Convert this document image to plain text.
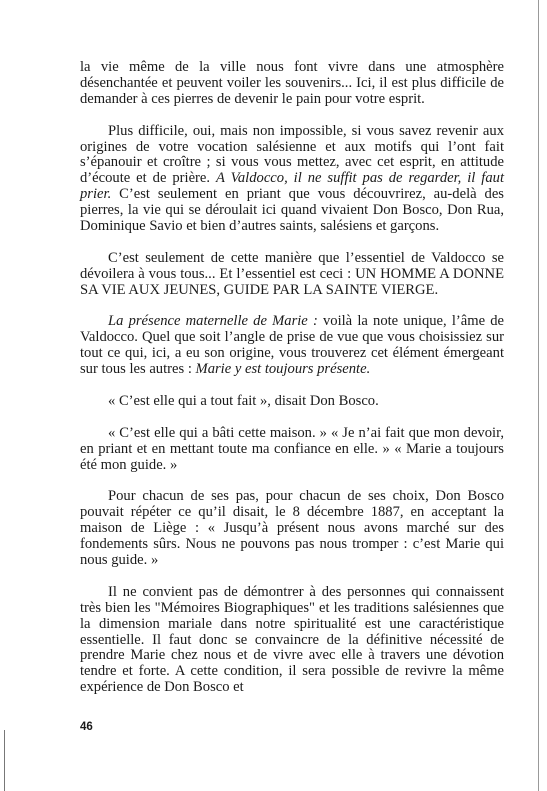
la vie même de la ville nous font vivre dans une atmosphère désenchantée et peuvent voiler les souvenirs... Ici, il est plus difficile de demander à ces pierres de devenir le pain pour votre esprit.

Plus difficile, oui, mais non impossible, si vous savez revenir aux origines de votre vocation salésienne et aux motifs qui l’ont fait s’épanouir et croître ; si vous vous mettez, avec cet esprit, en attitude d’écoute et de prière. A Valdocco, il ne suffit pas de regarder, il faut prier. C’est seulement en priant que vous découvrirez, au-delà des pierres, la vie qui se déroulait ici quand vivaient Don Bosco, Don Rua, Dominique Savio et bien d’autres saints, salésiens et garçons.

C’est seulement de cette manière que l’essentiel de Valdocco se dévoilera à vous tous... Et l’essentiel est ceci : UN HOMME A DONNE SA VIE AUX JEUNES, GUIDE PAR LA SAINTE VIERGE.

La présence maternelle de Marie : voilà la note unique, l’âme de Valdocco. Quel que soit l’angle de prise de vue que vous choisissiez sur tout ce qui, ici, a eu son origine, vous trouverez cet élément émergeant sur tous les autres : Marie y est toujours présente.

« C’est elle qui a tout fait », disait Don Bosco.

« C’est elle qui a bâti cette maison. » « Je n’ai fait que mon devoir, en priant et en mettant toute ma confiance en elle. » « Marie a toujours été mon guide. »

Pour chacun de ses pas, pour chacun de ses choix, Don Bosco pouvait répéter ce qu’il disait, le 8 décembre 1887, en acceptant la maison de Liège : « Jusqu’à présent nous avons marché sur des fondements sûrs. Nous ne pouvons pas nous tromper : c’est Marie qui nous guide. »

Il ne convient pas de démontrer à des personnes qui connaissent très bien les "Mémoires Biographiques" et les traditions salésiennes que la dimension mariale dans notre spiritualité est une caractéristique essentielle. Il faut donc se convaincre de la définitive nécessité de prendre Marie chez nous et de vivre avec elle à travers une dévotion tendre et forte. A cette condition, il sera possible de revivre la même expérience de Don Bosco et

46
